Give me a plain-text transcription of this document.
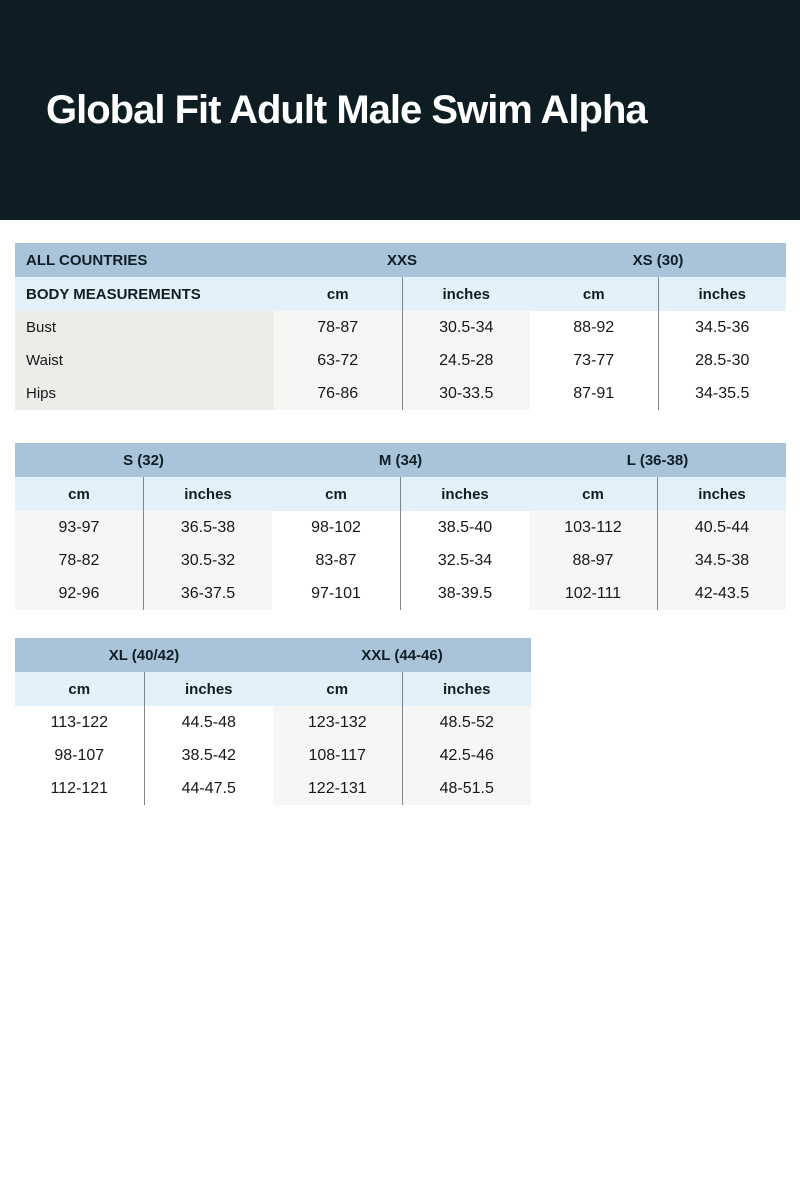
Global Fit Adult Male Swim Alpha
ALL COUNTRIES	XXS		XS (30)	
BODY MEASUREMENTS	cm	inches	cm	inches
Bust	78-87	30.5-34	88-92	34.5-36
Waist	63-72	24.5-28	73-77	28.5-30
Hips	76-86	30-33.5	87-91	34-35.5
S (32)		M (34)		L (36-38)	
cm	inches	cm	inches	cm	inches
93-97	36.5-38	98-102	38.5-40	103-112	40.5-44
78-82	30.5-32	83-87	32.5-34	88-97	34.5-38
92-96	36-37.5	97-101	38-39.5	102-111	42-43.5
XL (40/42)		XXL (44-46)	
cm	inches	cm	inches
113-122	44.5-48	123-132	48.5-52
98-107	38.5-42	108-117	42.5-46
112-121	44-47.5	122-131	48-51.5
